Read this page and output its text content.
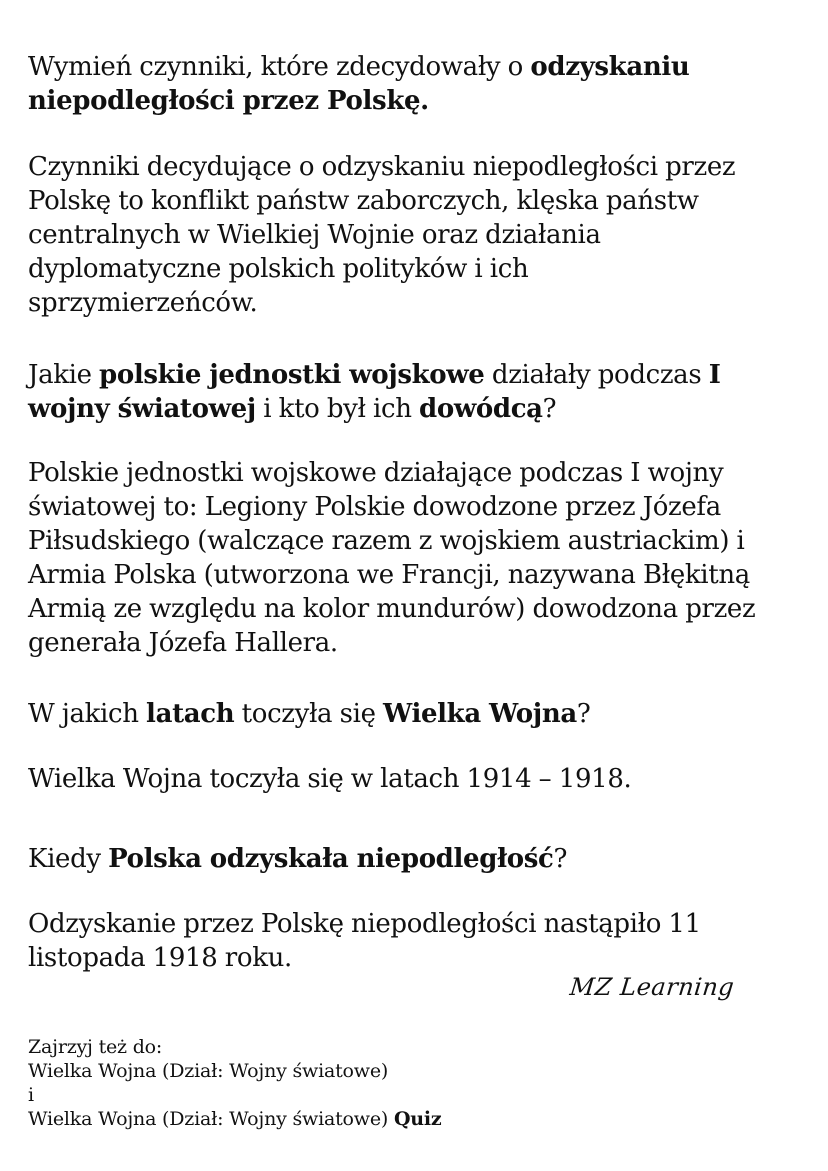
Wymień czynniki, które zdecydowały o odzyskaniu
niepodległości przez Polskę.

Czynniki decydujące o odzyskaniu niepodległości przez
Polskę to konflikt państw zaborczych, klęska państw
centralnych w Wielkiej Wojnie oraz działania
dyplomatyczne polskich polityków i ich
sprzymierzeńców.

Jakie polskie jednostki wojskowe działały podczas I
wojny światowej i kto był ich dowódcą?

Polskie jednostki wojskowe działające podczas I wojny
światowej to: Legiony Polskie dowodzone przez Józefa
Piłsudskiego (walczące razem z wojskiem austriackim) i
Armia Polska (utworzona we Francji, nazywana Błękitną
Armią ze względu na kolor mundurów) dowodzona przez
generała Józefa Hallera.

W jakich latach toczyła się Wielka Wojna?

Wielka Wojna toczyła się w latach 1914 – 1918.

Kiedy Polska odzyskała niepodległość?

Odzyskanie przez Polskę niepodległości nastąpiło 11
listopada 1918 roku.

MZ Learning
Zajrzyj też do:
Wielka Wojna (Dział: Wojny światowe)
i
Wielka Wojna (Dział: Wojny światowe) Quiz
